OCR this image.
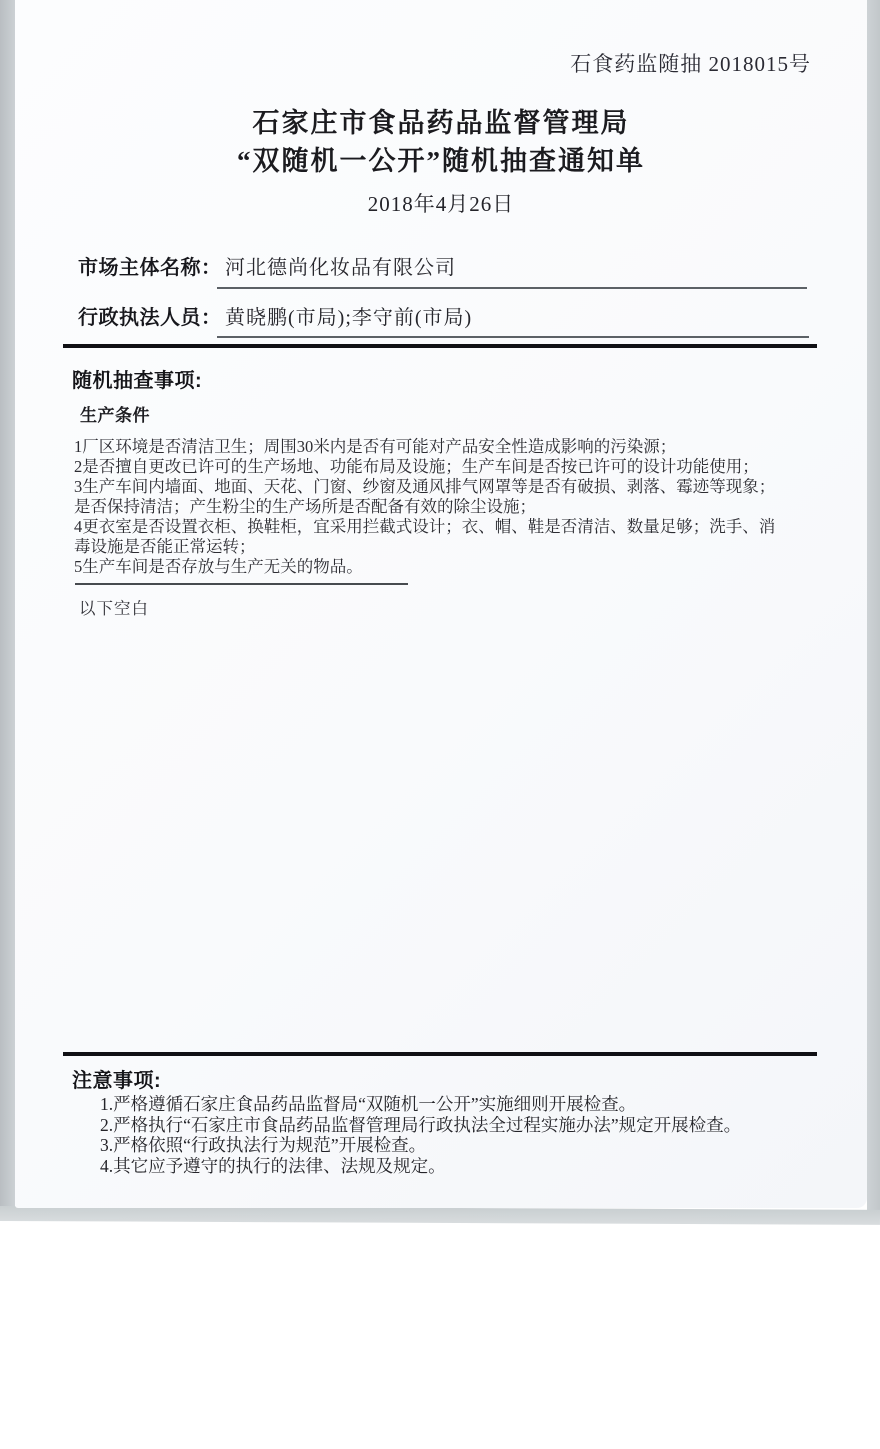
石食药监随抽 2018015号
石家庄市食品药品监督管理局
“双随机一公开”随机抽查通知单
2018年4月26日
市场主体名称： 河北德尚化妆品有限公司
行政执法人员： 黄晓鹏(市局);李守前(市局)
随机抽查事项:
生产条件
1厂区环境是否清洁卫生；周围30米内是否有可能对产品安全性造成影响的污染源；
2是否擅自更改已许可的生产场地、功能布局及设施；生产车间是否按已许可的设计功能使用；
3生产车间内墙面、地面、天花、门窗、纱窗及通风排气网罩等是否有破损、剥落、霉迹等现象；
是否保持清洁；产生粉尘的生产场所是否配备有效的除尘设施；
4更衣室是否设置衣柜、换鞋柜，宜采用拦截式设计；衣、帽、鞋是否清洁、数量足够；洗手、消
毒设施是否能正常运转；
5生产车间是否存放与生产无关的物品。
以下空白
注意事项:
1.严格遵循石家庄食品药品监督局“双随机一公开”实施细则开展检查。
2.严格执行“石家庄市食品药品监督管理局行政执法全过程实施办法”规定开展检查。
3.严格依照“行政执法行为规范”开展检查。
4.其它应予遵守的执行的法律、法规及规定。
